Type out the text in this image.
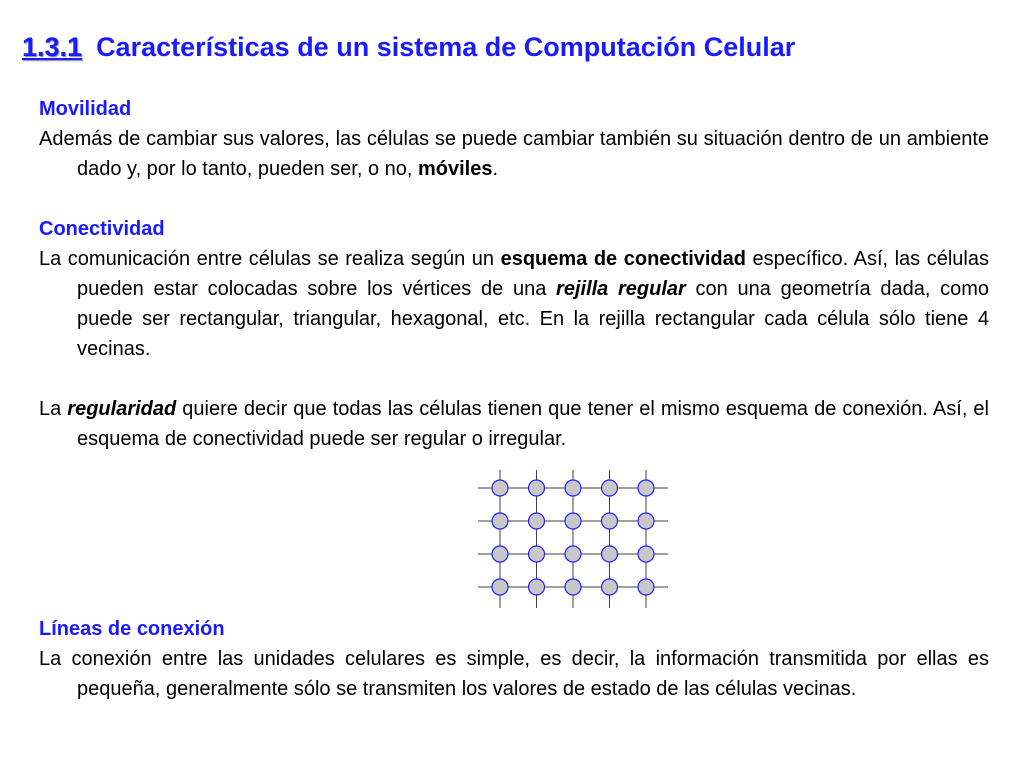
1.3.1 Características de un sistema de Computación Celular
Movilidad
Además de cambiar sus valores, las células se puede cambiar también su situación dentro de un ambiente dado y, por lo tanto, pueden ser, o no, móviles.
Conectividad
La comunicación entre células se realiza según un esquema de conectividad específico. Así, las células pueden estar colocadas sobre los vértices de una rejilla regular con una geometría dada, como puede ser rectangular, triangular, hexagonal, etc. En la rejilla rectangular cada célula sólo tiene 4 vecinas.
La regularidad quiere decir que todas las células tienen que tener el mismo esquema de conexión. Así, el esquema de conectividad puede ser regular o irregular.
Líneas de conexión
La conexión entre las unidades celulares es simple, es decir, la información transmitida por ellas es pequeña, generalmente sólo se transmiten los valores de estado de las células vecinas.
